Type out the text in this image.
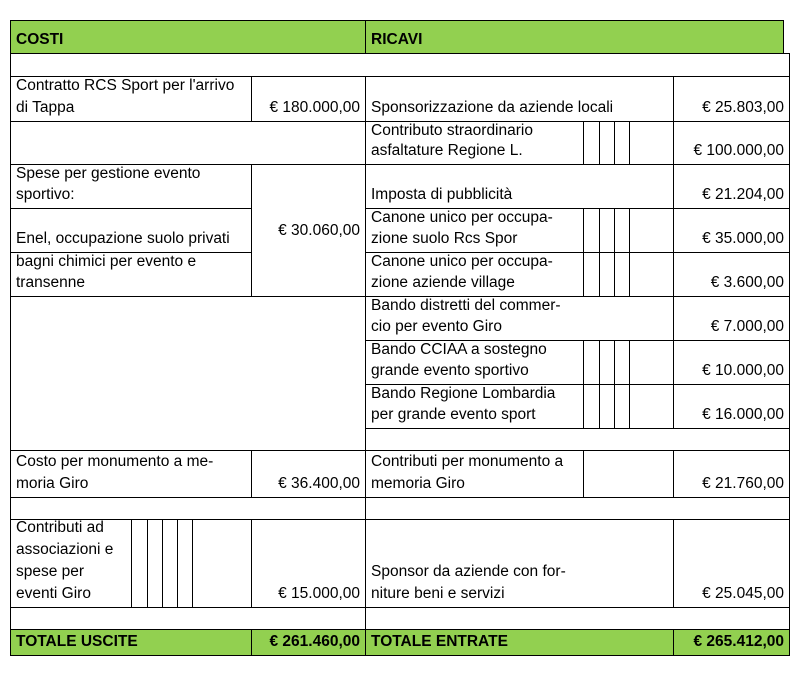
COSTI	RICAVI
Contratto RCS Sport per l'arrivo
di Tappa	€ 180.000,00 Sponsorizzazione da aziende locali	€ 25.803,00
Contributo straordinario
asfaltature Regione L.	€ 100.000,00
Spese per gestione evento
sportivo:
Enel, occupazione suolo privati
bagni chimici per evento e
transenne
€ 30.060,00
Imposta di pubblicità	€ 21.204,00
Canone unico per occupa-
zione suolo Rcs Spor	€ 35.000,00
Canone unico per occupa-
zione aziende village	€ 3.600,00
Bando distretti del commer-
cio per evento Giro	€ 7.000,00
Bando CCIAA a sostegno
grande evento sportivo	€ 10.000,00
Bando Regione Lombardia
per grande evento sport	€ 16.000,00
Costo per monumento a me-
moria Giro	€ 36.400,00
Contributi per monumento a
memoria Giro	€ 21.760,00
Contributi ad
associazioni e
spese per
eventi Giro	€ 15.000,00
Sponsor da aziende con for-
niture beni e servizi	€ 25.045,00
TOTALE USCITE	€ 261.460,00 TOTALE ENTRATE	€ 265.412,00
